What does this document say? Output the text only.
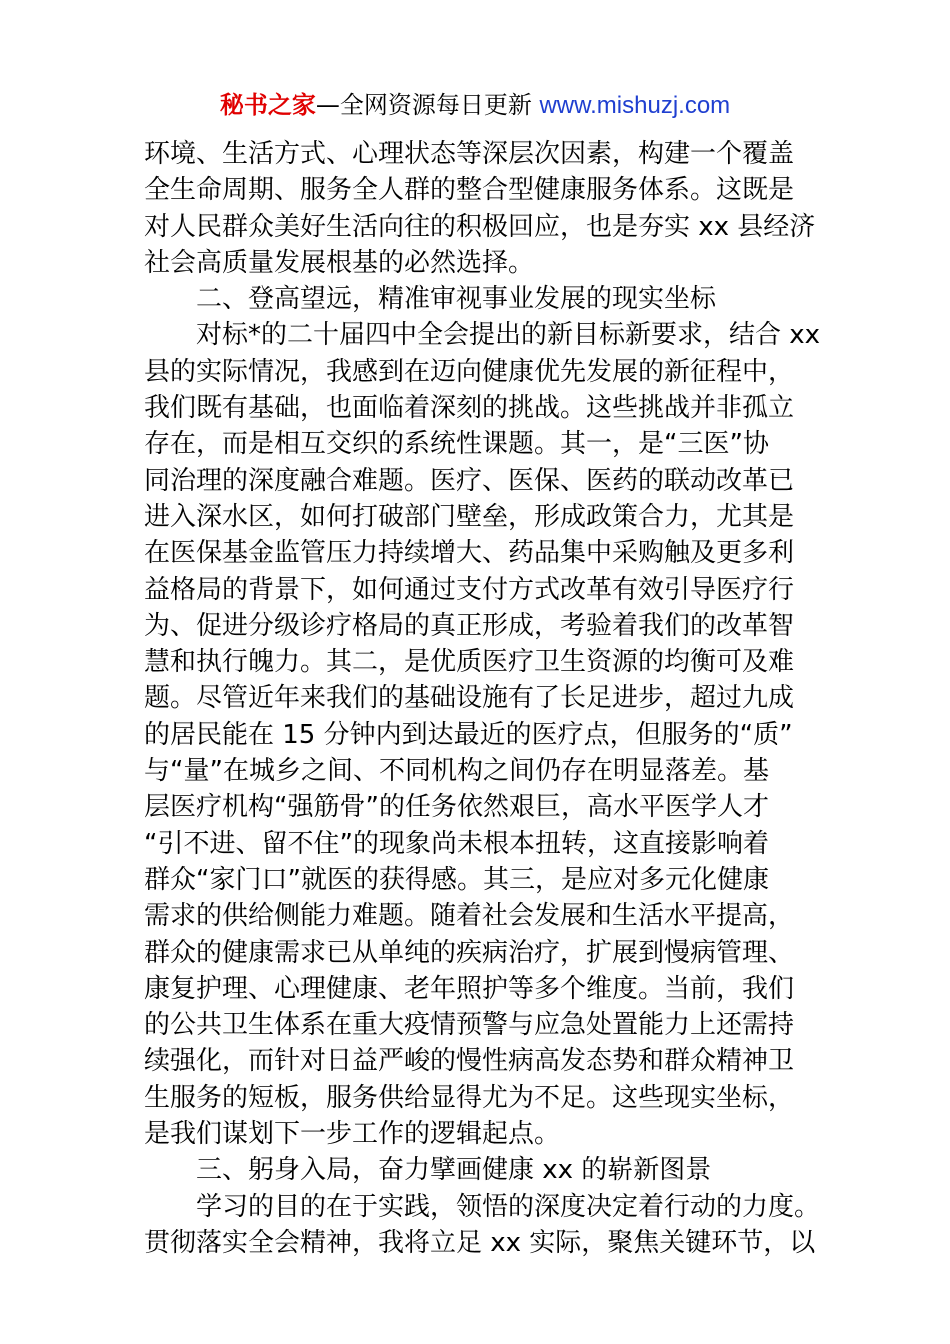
秘书之家—全网资源每日更新 www.mishuzj.com
环境、生活方式、心理状态等深层次因素，构建一个覆盖
全生命周期、服务全人群的整合型健康服务体系。这既是
对人民群众美好生活向往的积极回应，也是夯实 xx 县经济
社会高质量发展根基的必然选择。
二、登高望远，精准审视事业发展的现实坐标
对标*的二十届四中全会提出的新目标新要求，结合 xx
县的实际情况，我感到在迈向健康优先发展的新征程中，
我们既有基础，也面临着深刻的挑战。这些挑战并非孤立
存在，而是相互交织的系统性课题。其一，是“三医”协
同治理的深度融合难题。医疗、医保、医药的联动改革已
进入深水区，如何打破部门壁垒，形成政策合力，尤其是
在医保基金监管压力持续增大、药品集中采购触及更多利
益格局的背景下，如何通过支付方式改革有效引导医疗行
为、促进分级诊疗格局的真正形成，考验着我们的改革智
慧和执行魄力。其二，是优质医疗卫生资源的均衡可及难
题。尽管近年来我们的基础设施有了长足进步，超过九成
的居民能在 15 分钟内到达最近的医疗点，但服务的“质”
与“量”在城乡之间、不同机构之间仍存在明显落差。基
层医疗机构“强筋骨”的任务依然艰巨，高水平医学人才
“引不进、留不住”的现象尚未根本扭转，这直接影响着
群众“家门口”就医的获得感。其三，是应对多元化健康
需求的供给侧能力难题。随着社会发展和生活水平提高，
群众的健康需求已从单纯的疾病治疗，扩展到慢病管理、
康复护理、心理健康、老年照护等多个维度。当前，我们
的公共卫生体系在重大疫情预警与应急处置能力上还需持
续强化，而针对日益严峻的慢性病高发态势和群众精神卫
生服务的短板，服务供给显得尤为不足。这些现实坐标，
是我们谋划下一步工作的逻辑起点。
三、躬身入局，奋力擘画健康 xx 的崭新图景
学习的目的在于实践，领悟的深度决定着行动的力度。
贯彻落实全会精神，我将立足 xx 实际，聚焦关键环节，以
